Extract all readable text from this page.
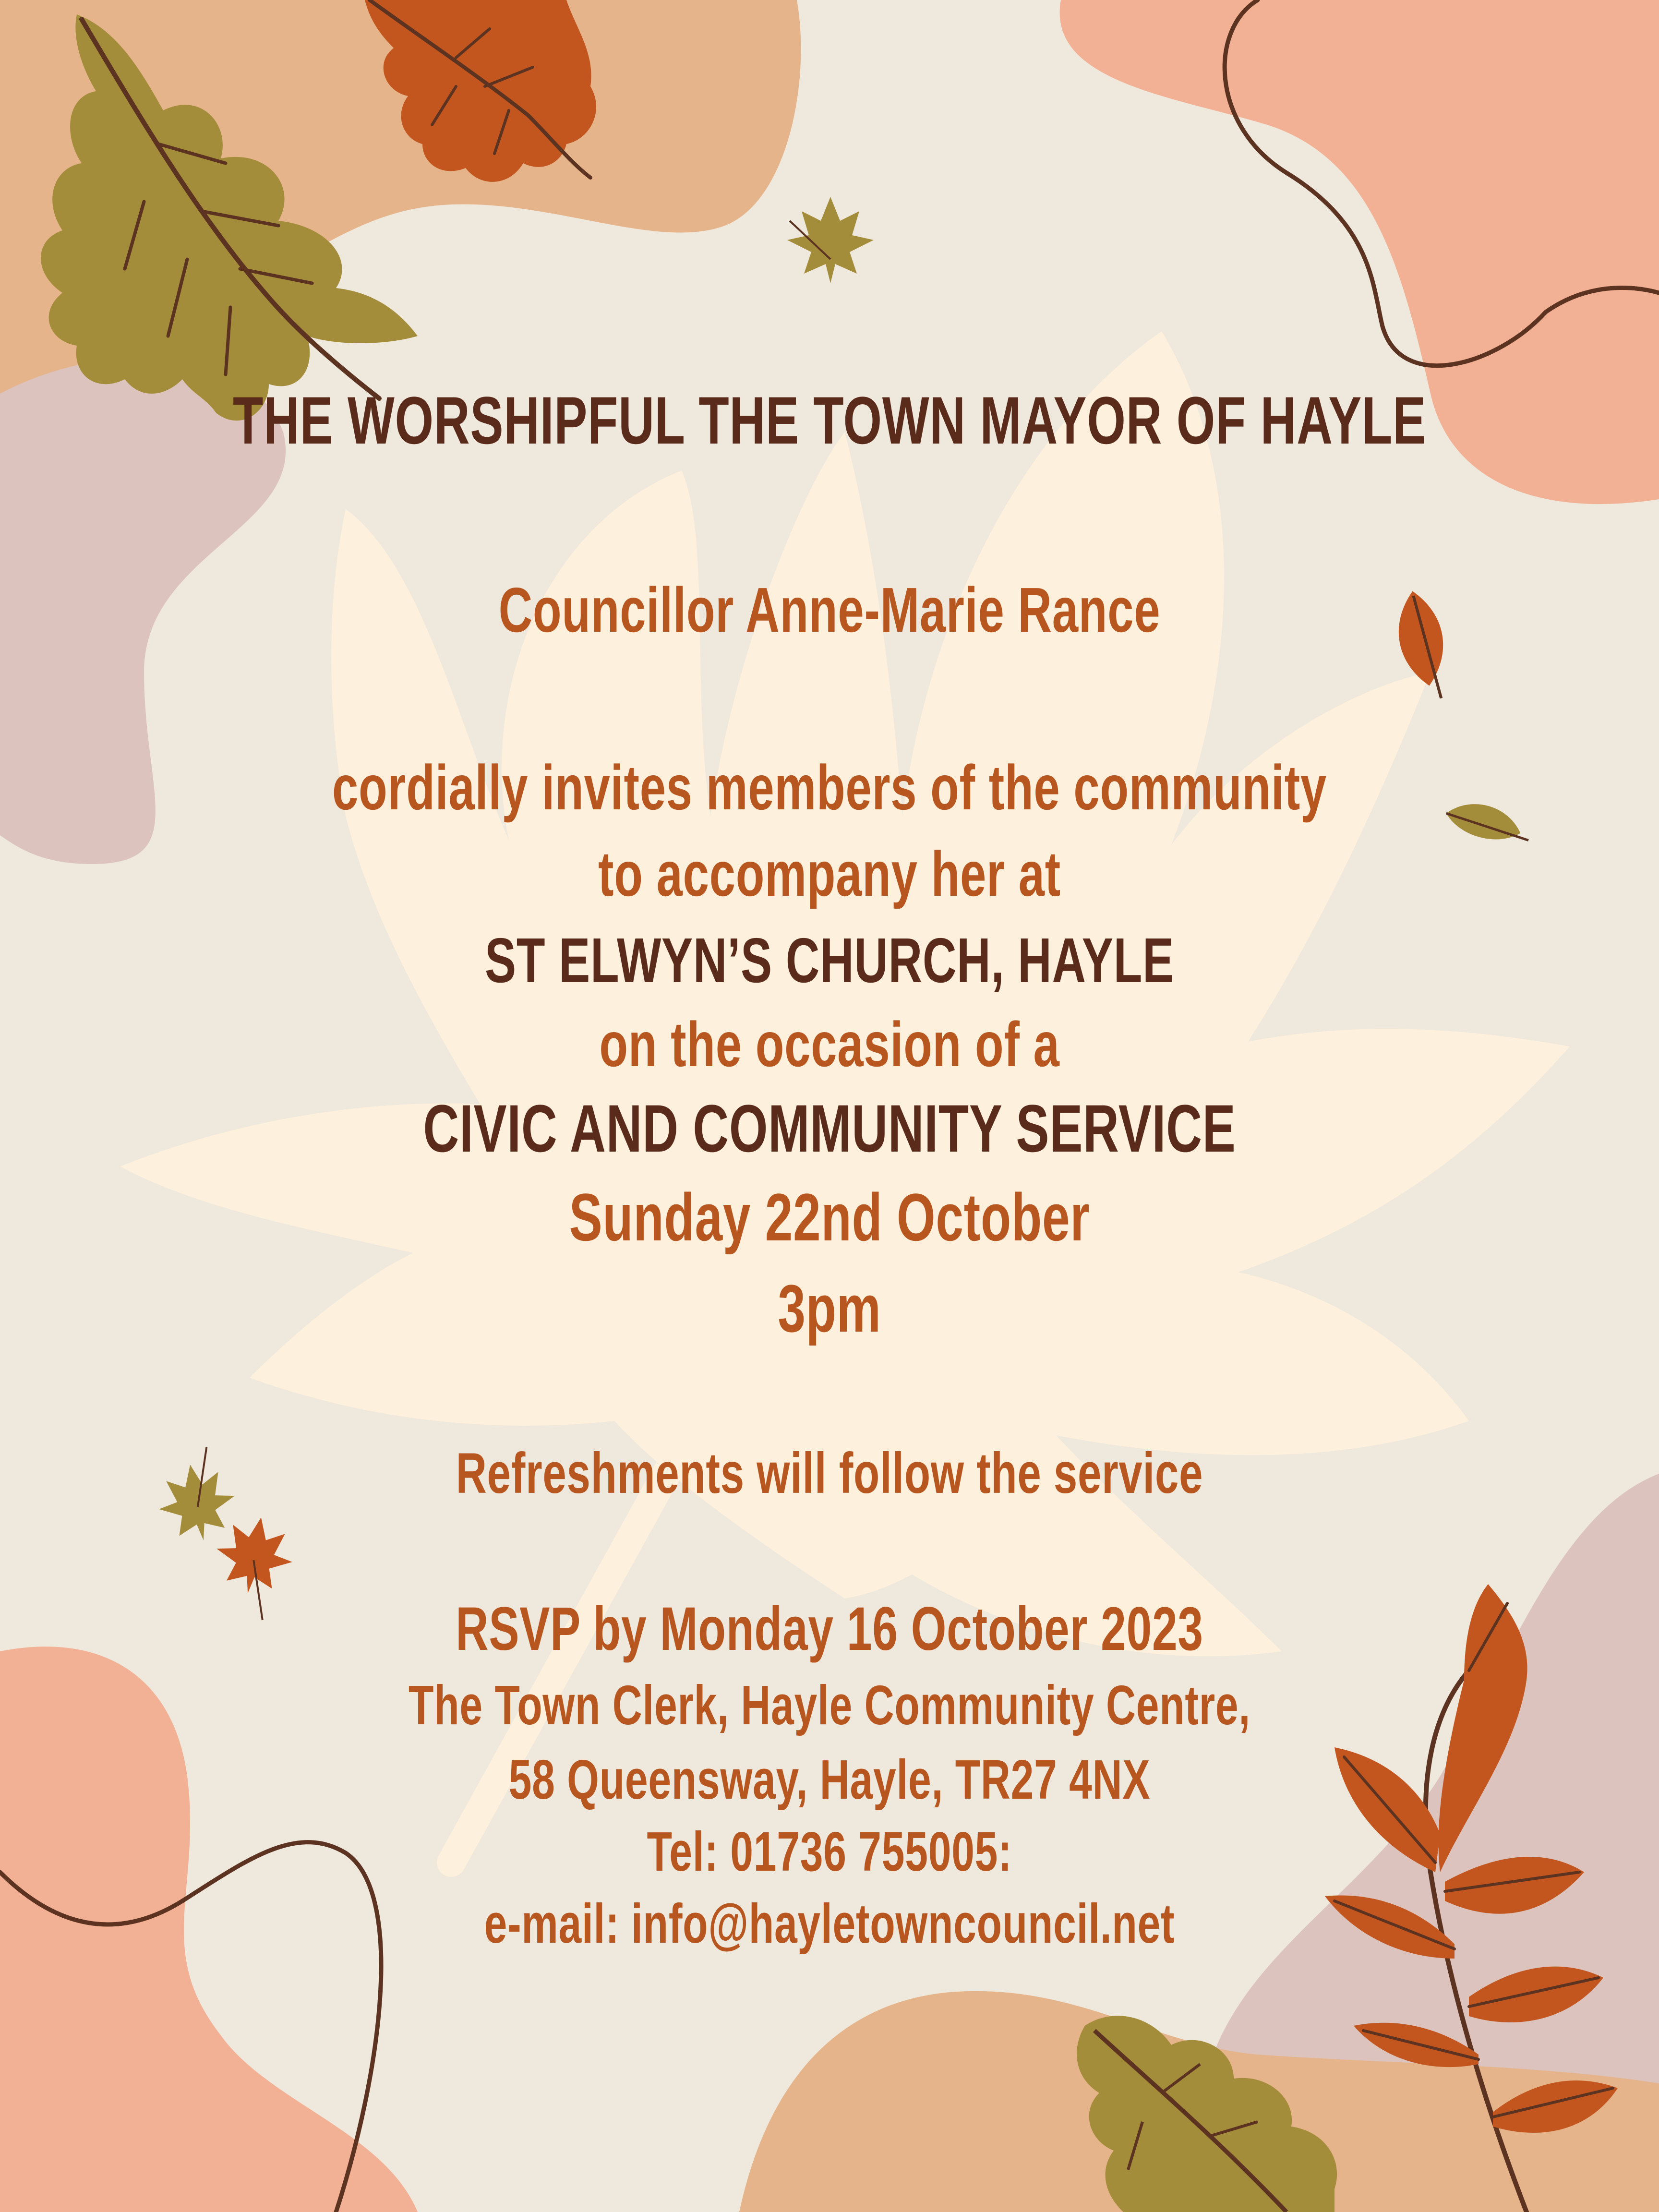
THE WORSHIPFUL THE TOWN MAYOR OF HAYLE
Councillor Anne-Marie Rance
cordially invites members of the community
to accompany her at
ST ELWYN’S CHURCH, HAYLE
on the occasion of a
CIVIC AND COMMUNITY SERVICE
Sunday 22nd October
3pm
Refreshments will follow the service
RSVP by Monday 16 October 2023
The Town Clerk, Hayle Community Centre,
58 Queensway, Hayle, TR27 4NX
Tel: 01736 755005:
e-mail: info@hayletowncouncil.net
